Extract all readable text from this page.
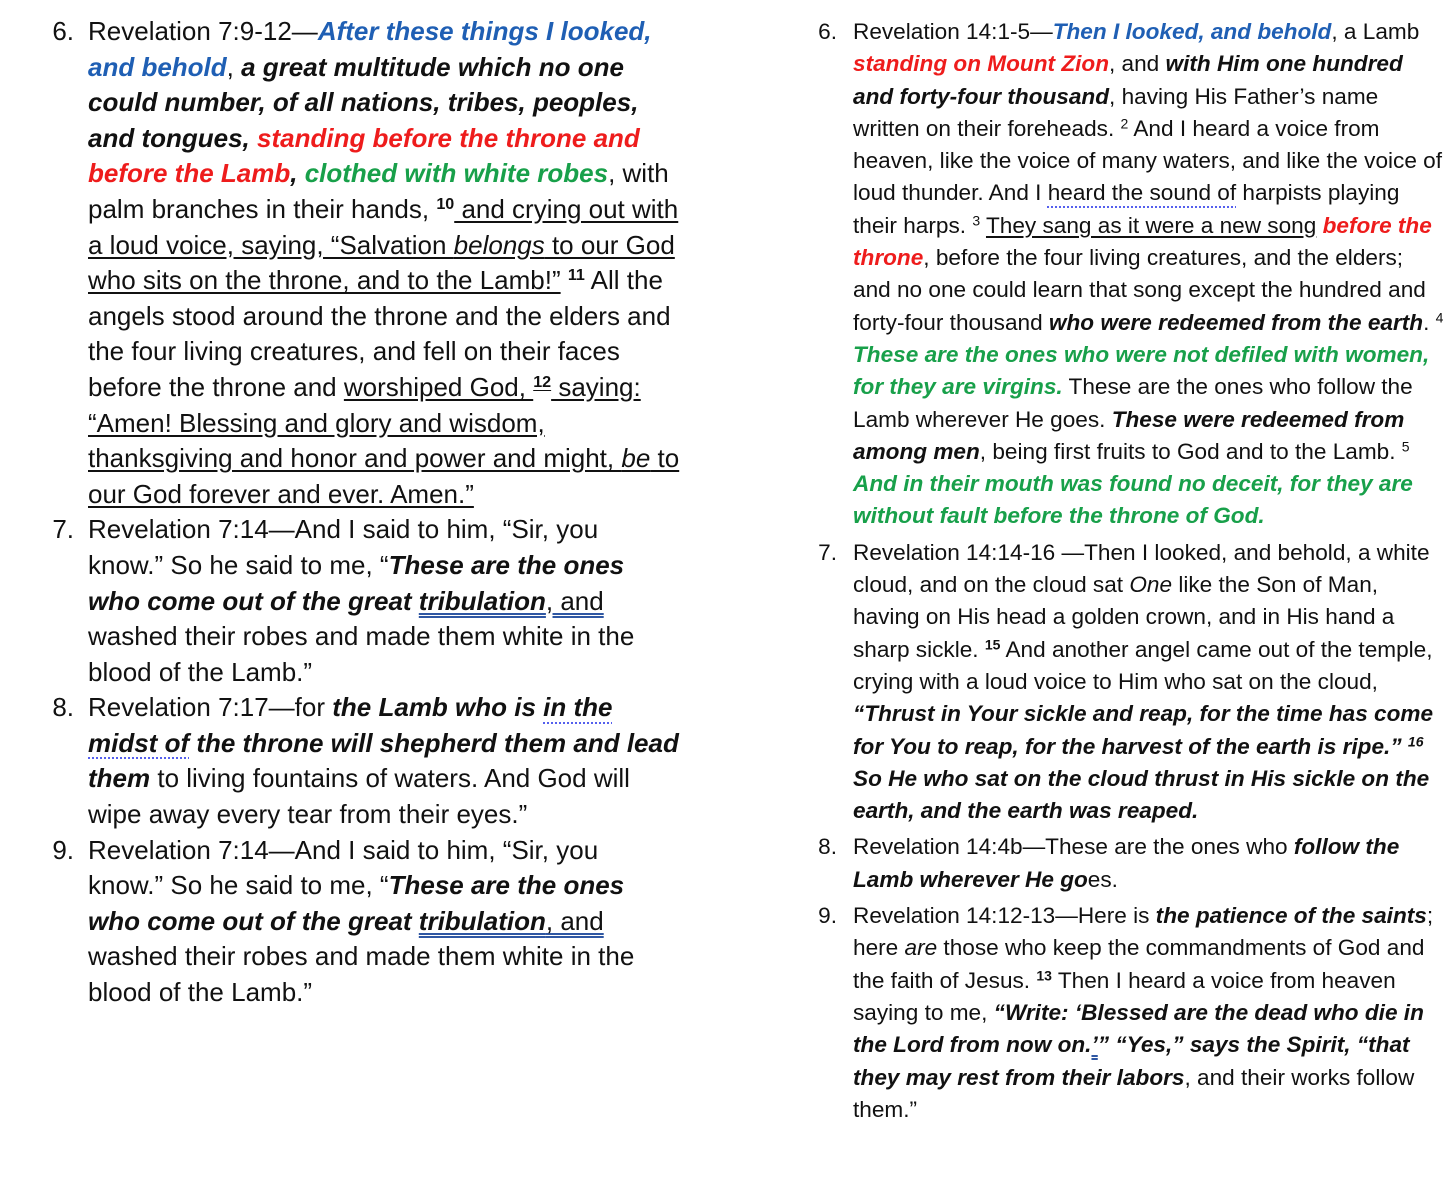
6. Revelation 7:9-12—After these things I looked, and behold, a great multitude which no one could number, of all nations, tribes, peoples, and tongues, standing before the throne and before the Lamb, clothed with white robes, with palm branches in their hands, $^{10}$ and crying out with a loud voice, saying, “Salvation belongs to our God who sits on the throne, and to the Lamb!” $^{11}$ All the angels stood around the throne and the elders and the four living creatures, and fell on their faces before the throne and worshiped God, $^{12}$ saying: “Amen! Blessing and glory and wisdom, thanksgiving and honor and power and might, be to our God forever and ever. Amen.”
7. Revelation 7:14—And I said to him, “Sir, you know.” So he said to me, “These are the ones who come out of the great tribulation, and washed their robes and made them white in the blood of the Lamb.”
8. Revelation 7:17—for the Lamb who is in the midst of the throne will shepherd them and lead them to living fountains of waters. And God will wipe away every tear from their eyes.”
9. Revelation 7:14—And I said to him, “Sir, you know.” So he said to me, “These are the ones who come out of the great tribulation, and washed their robes and made them white in the blood of the Lamb.”
6. Revelation 14:1-5—Then I looked, and behold, a Lamb standing on Mount Zion, and with Him one hundred and forty-four thousand, having His Father’s name written on their foreheads. $^2$ And I heard a voice from heaven, like the voice of many waters, and like the voice of loud thunder. And I heard the sound of harpists playing their harps. $^3$ They sang as it were a new song before the throne, before the four living creatures, and the elders; and no one could learn that song except the hundred and forty-four thousand who were redeemed from the earth. $^4$ These are the ones who were not defiled with women, for they are virgins. These are the ones who follow the Lamb wherever He goes. These were redeemed from among men, being first fruits to God and to the Lamb. $^5$ And in their mouth was found no deceit, for they are without fault before the throne of God.
7. Revelation 14:14-16 —Then I looked, and behold, a white cloud, and on the cloud sat One like the Son of Man, having on His head a golden crown, and in His hand a sharp sickle. $^{15}$ And another angel came out of the temple, crying with a loud voice to Him who sat on the cloud, “Thrust in Your sickle and reap, for the time has come for You to reap, for the harvest of the earth is ripe.” $^{16}$ So He who sat on the cloud thrust in His sickle on the earth, and the earth was reaped.
8. Revelation 14:4b—These are the ones who follow the Lamb wherever He goes.
9. Revelation 14:12-13—Here is the patience of the saints; here are those who keep the commandments of God and the faith of Jesus. $^{13}$ Then I heard a voice from heaven saying to me, “Write: ‘Blessed are the dead who die in the Lord from now on.’” “Yes,” says the Spirit, “that they may rest from their labors, and their works follow them.”
